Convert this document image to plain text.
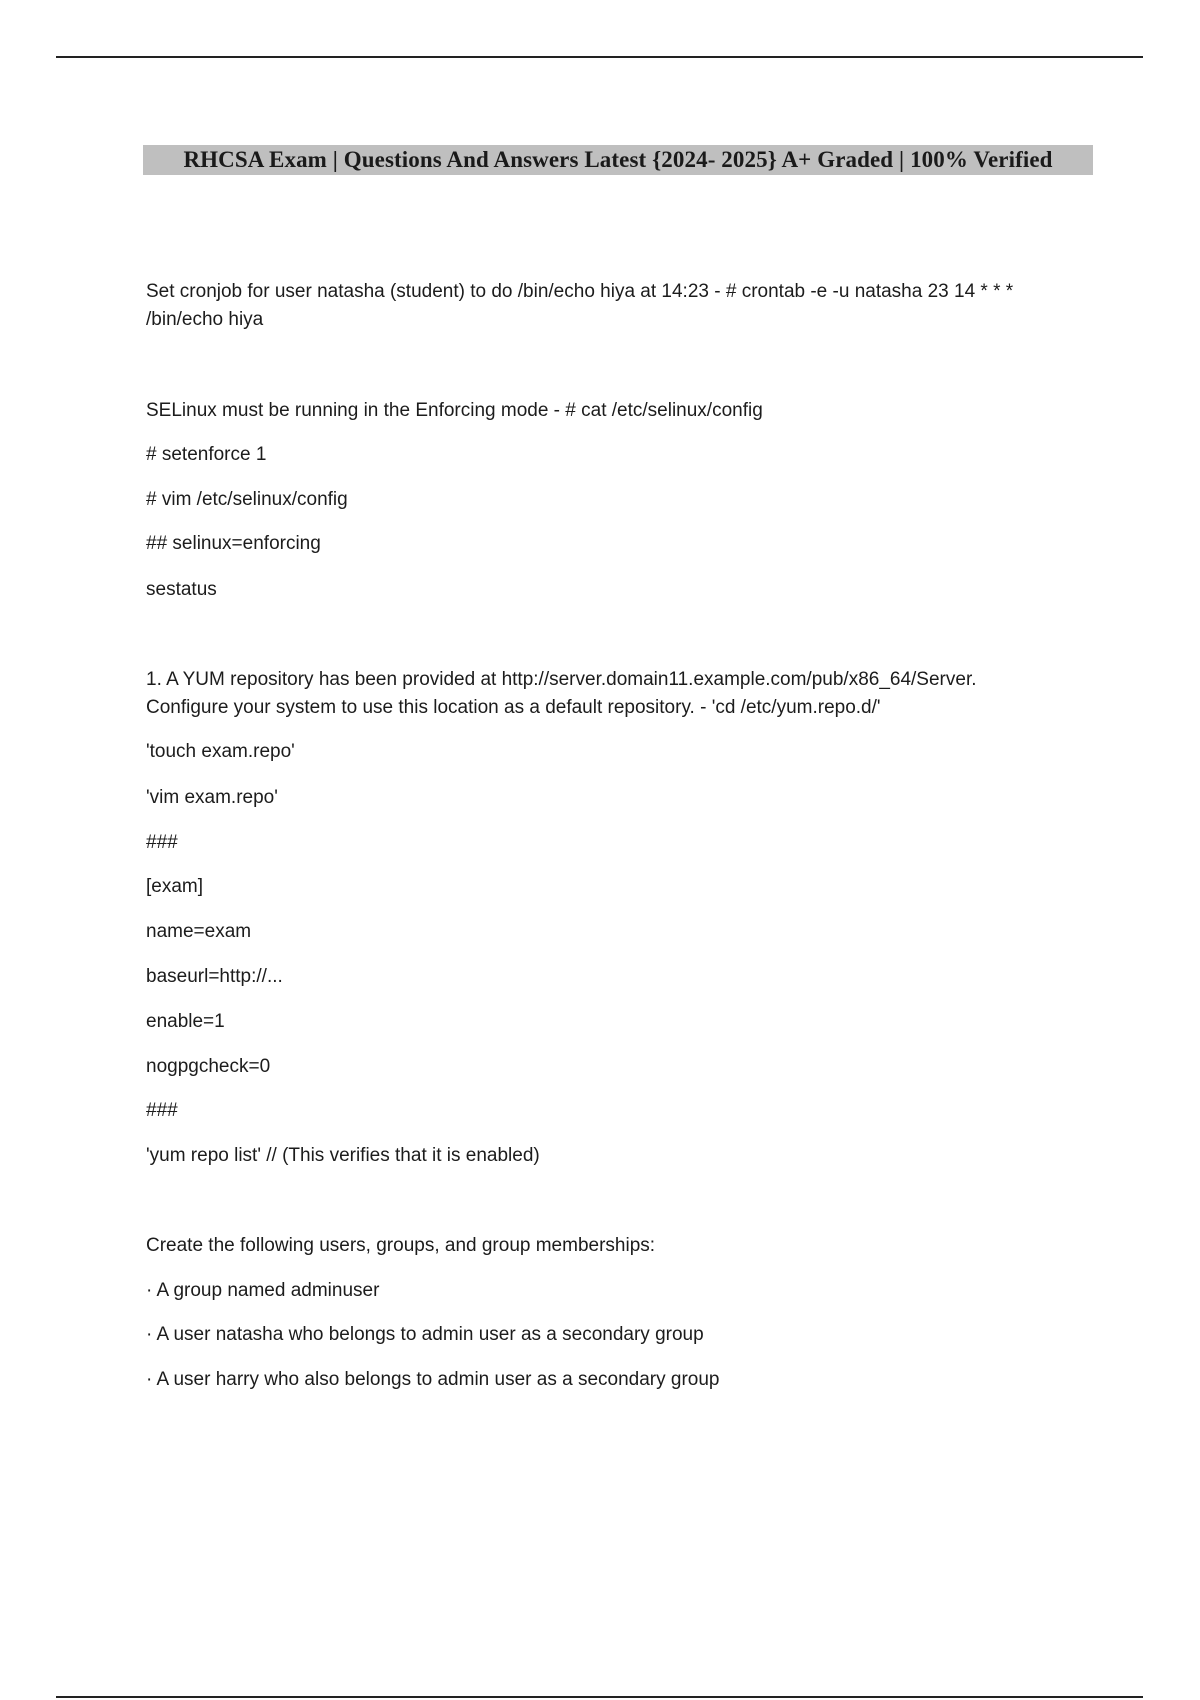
RHCSA Exam | Questions And Answers Latest {2024- 2025} A+ Graded | 100% Verified
Set cronjob for user natasha (student) to do /bin/echo hiya at 14:23 - # crontab -e -u natasha 23 14 * * *
/bin/echo hiya
SELinux must be running in the Enforcing mode - # cat /etc/selinux/config
# setenforce 1
# vim /etc/selinux/config
## selinux=enforcing
sestatus
1. A YUM repository has been provided at http://server.domain11.example.com/pub/x86_64/Server.
Configure your system to use this location as a default repository. - 'cd /etc/yum.repo.d/'
'touch exam.repo'
'vim exam.repo'
###
[exam]
name=exam
baseurl=http://...
enable=1
nogpgcheck=0
###
'yum repo list' // (This verifies that it is enabled)
Create the following users, groups, and group memberships:
· A group named adminuser
· A user natasha who belongs to admin user as a secondary group
· A user harry who also belongs to admin user as a secondary group
